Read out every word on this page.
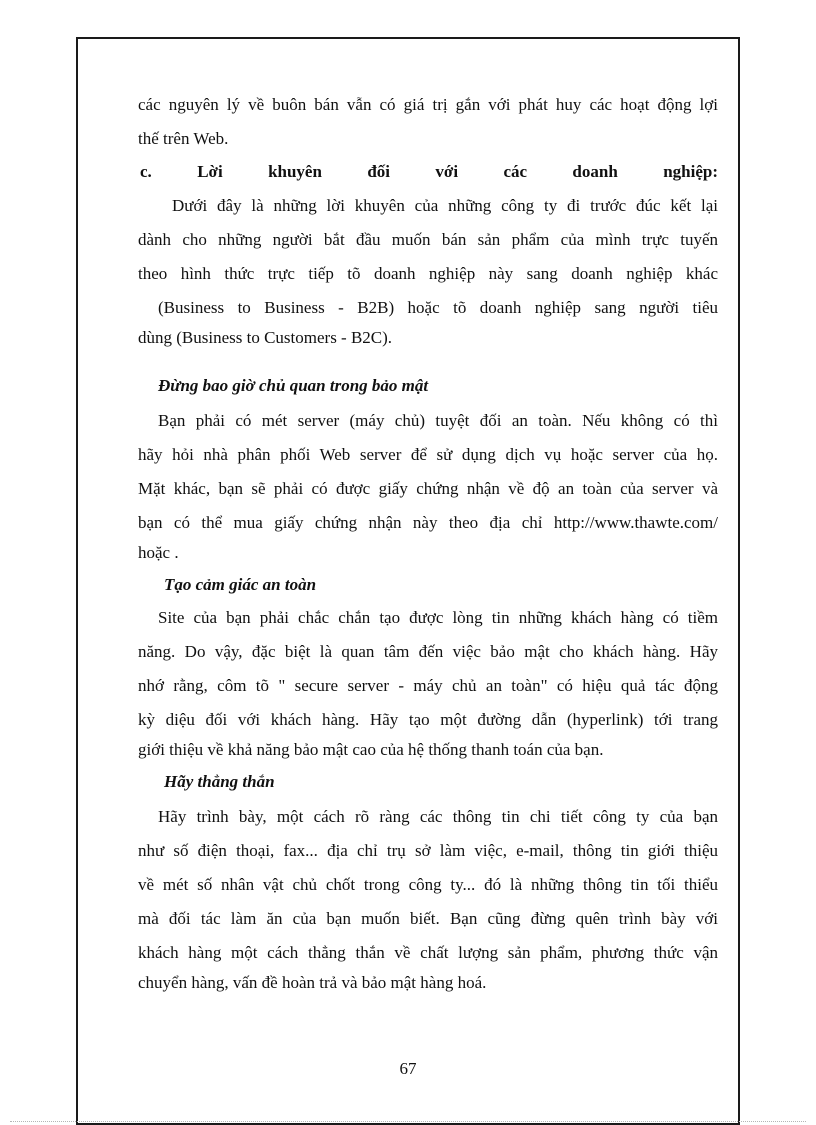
các nguyên lý về buôn bán vẫn có giá trị gắn với phát huy các hoạt động lợi
thế trên Web.
c.	Lời	khuyên	đối	với	các	doanh	nghiệp:
Dưới đây là những lời khuyên của những công ty đi trước đúc kết lại
dành cho những người bắt đầu muốn bán sản phẩm của mình trực tuyến
theo hình thức trực tiếp tõ doanh nghiệp này sang doanh nghiệp khác
(Business to Business - B2B) hoặc tõ doanh nghiệp sang người tiêu
dùng (Business to Customers - B2C).
Đừng bao giờ chủ quan trong bảo mật
Bạn phải có mét server (máy chủ) tuyệt đối an toàn. Nếu không có thì
hãy hỏi nhà phân phối Web server để sử dụng dịch vụ hoặc server của họ.
Mặt khác, bạn sẽ phải có được giấy chứng nhận về độ an toàn của server và
bạn có thể mua giấy chứng nhận này theo địa chỉ http://www.thawte.com/
hoặc .
Tạo cảm giác an toàn
Site của bạn phải chắc chắn tạo được lòng tin những khách hàng có tiềm
năng. Do vậy, đặc biệt là quan tâm đến việc bảo mật cho khách hàng. Hãy
nhớ rằng, côm tõ " secure server - máy chủ an toàn" có hiệu quả tác động
kỳ diệu đối với khách hàng. Hãy tạo một đường dẫn (hyperlink) tới trang
giới thiệu về khả năng bảo mật cao của hệ thống thanh toán của bạn.
Hãy thẳng thắn
Hãy trình bày, một cách rõ ràng các thông tin chi tiết công ty của bạn
như số điện thoại, fax... địa chỉ trụ sở làm việc, e-mail, thông tin giới thiệu
về mét số nhân vật chủ chốt trong công ty... đó là những thông tin tối thiểu
mà đối tác làm ăn của bạn muốn biết. Bạn cũng đừng quên trình bày với
khách hàng một cách thẳng thắn về chất lượng sản phẩm, phương thức vận
chuyển hàng, vấn đề hoàn trả và bảo mật hàng hoá.
67
